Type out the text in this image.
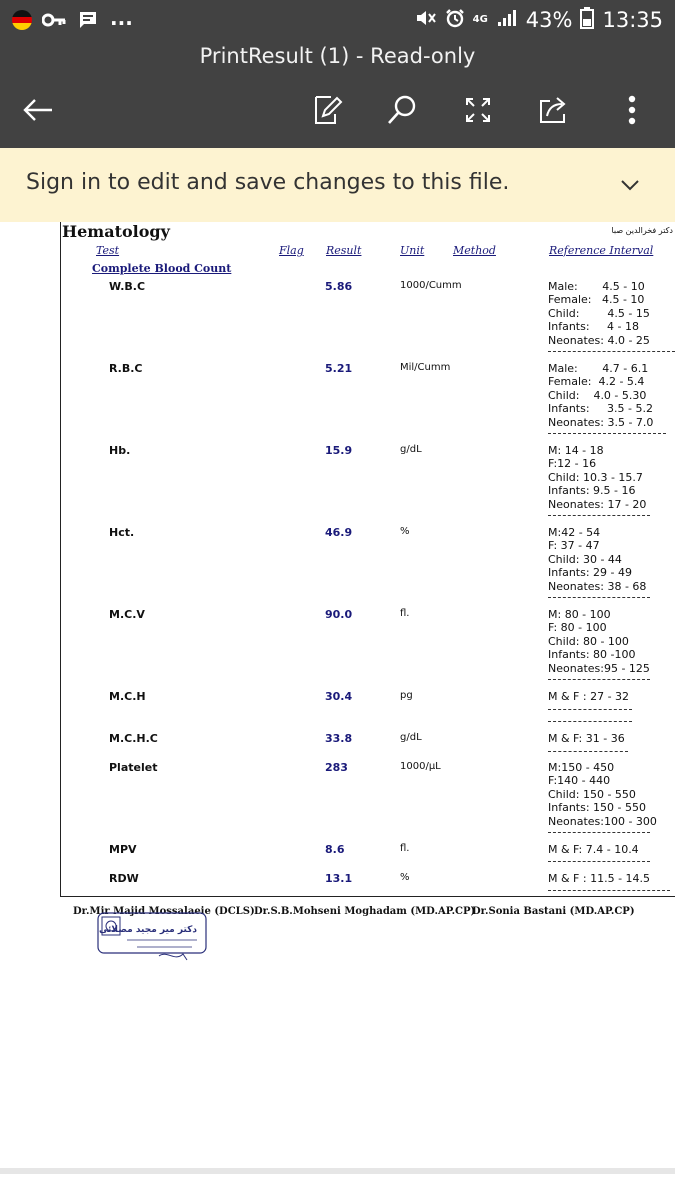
...	4G 43% 13:35
PrintResult (1) - Read-only
Sign in to edit and save changes to this file.
Hematology	دکتر فخرالدین صبا
Test	Flag Result	Unit	Method	Reference Interval
Complete Blood Count
W.B.C	5.86	1000/Cumm	Male:       4.5 - 10
Female:   4.5 - 10
Child:        4.5 - 15
Infants:     4 - 18
Neonates: 4.0 - 25
R.B.C	5.21	Mil/Cumm	Male:       4.7 - 6.1
Female:  4.2 - 5.4
Child:    4.0 - 5.30
Infants:     3.5 - 5.2
Neonates: 3.5 - 7.0
Hb.	15.9	g/dL	M: 14 - 18
F:12 - 16
Child: 10.3 - 15.7
Infants: 9.5 - 16
Neonates: 17 - 20
Hct.	46.9	%	M:42 - 54
F: 37 - 47
Child: 30 - 44
Infants: 29 - 49
Neonates: 38 - 68
M.C.V	90.0	fl.	M: 80 - 100
F: 80 - 100
Child: 80 - 100
Infants: 80 -100
Neonates:95 - 125
M.C.H	30.4	pg	M & F : 27 - 32
M.C.H.C	33.8	g/dL	M & F: 31 - 36
Platelet	283	1000/µL	M:150 - 450
F:140 - 440
Child: 150 - 550
Infants: 150 - 550
Neonates:100 - 300
MPV	8.6	fl.	M & F: 7.4 - 10.4
RDW	13.1	%	M & F : 11.5 - 14.5
Dr.Mir Majid Mossalaeie (DCLS) Dr.S.B.Mohseni Moghadam (MD.AP.CP)
Dr.Sonia Bastani (MD.AP.CP)
دکتر میر مجید مصلائی
